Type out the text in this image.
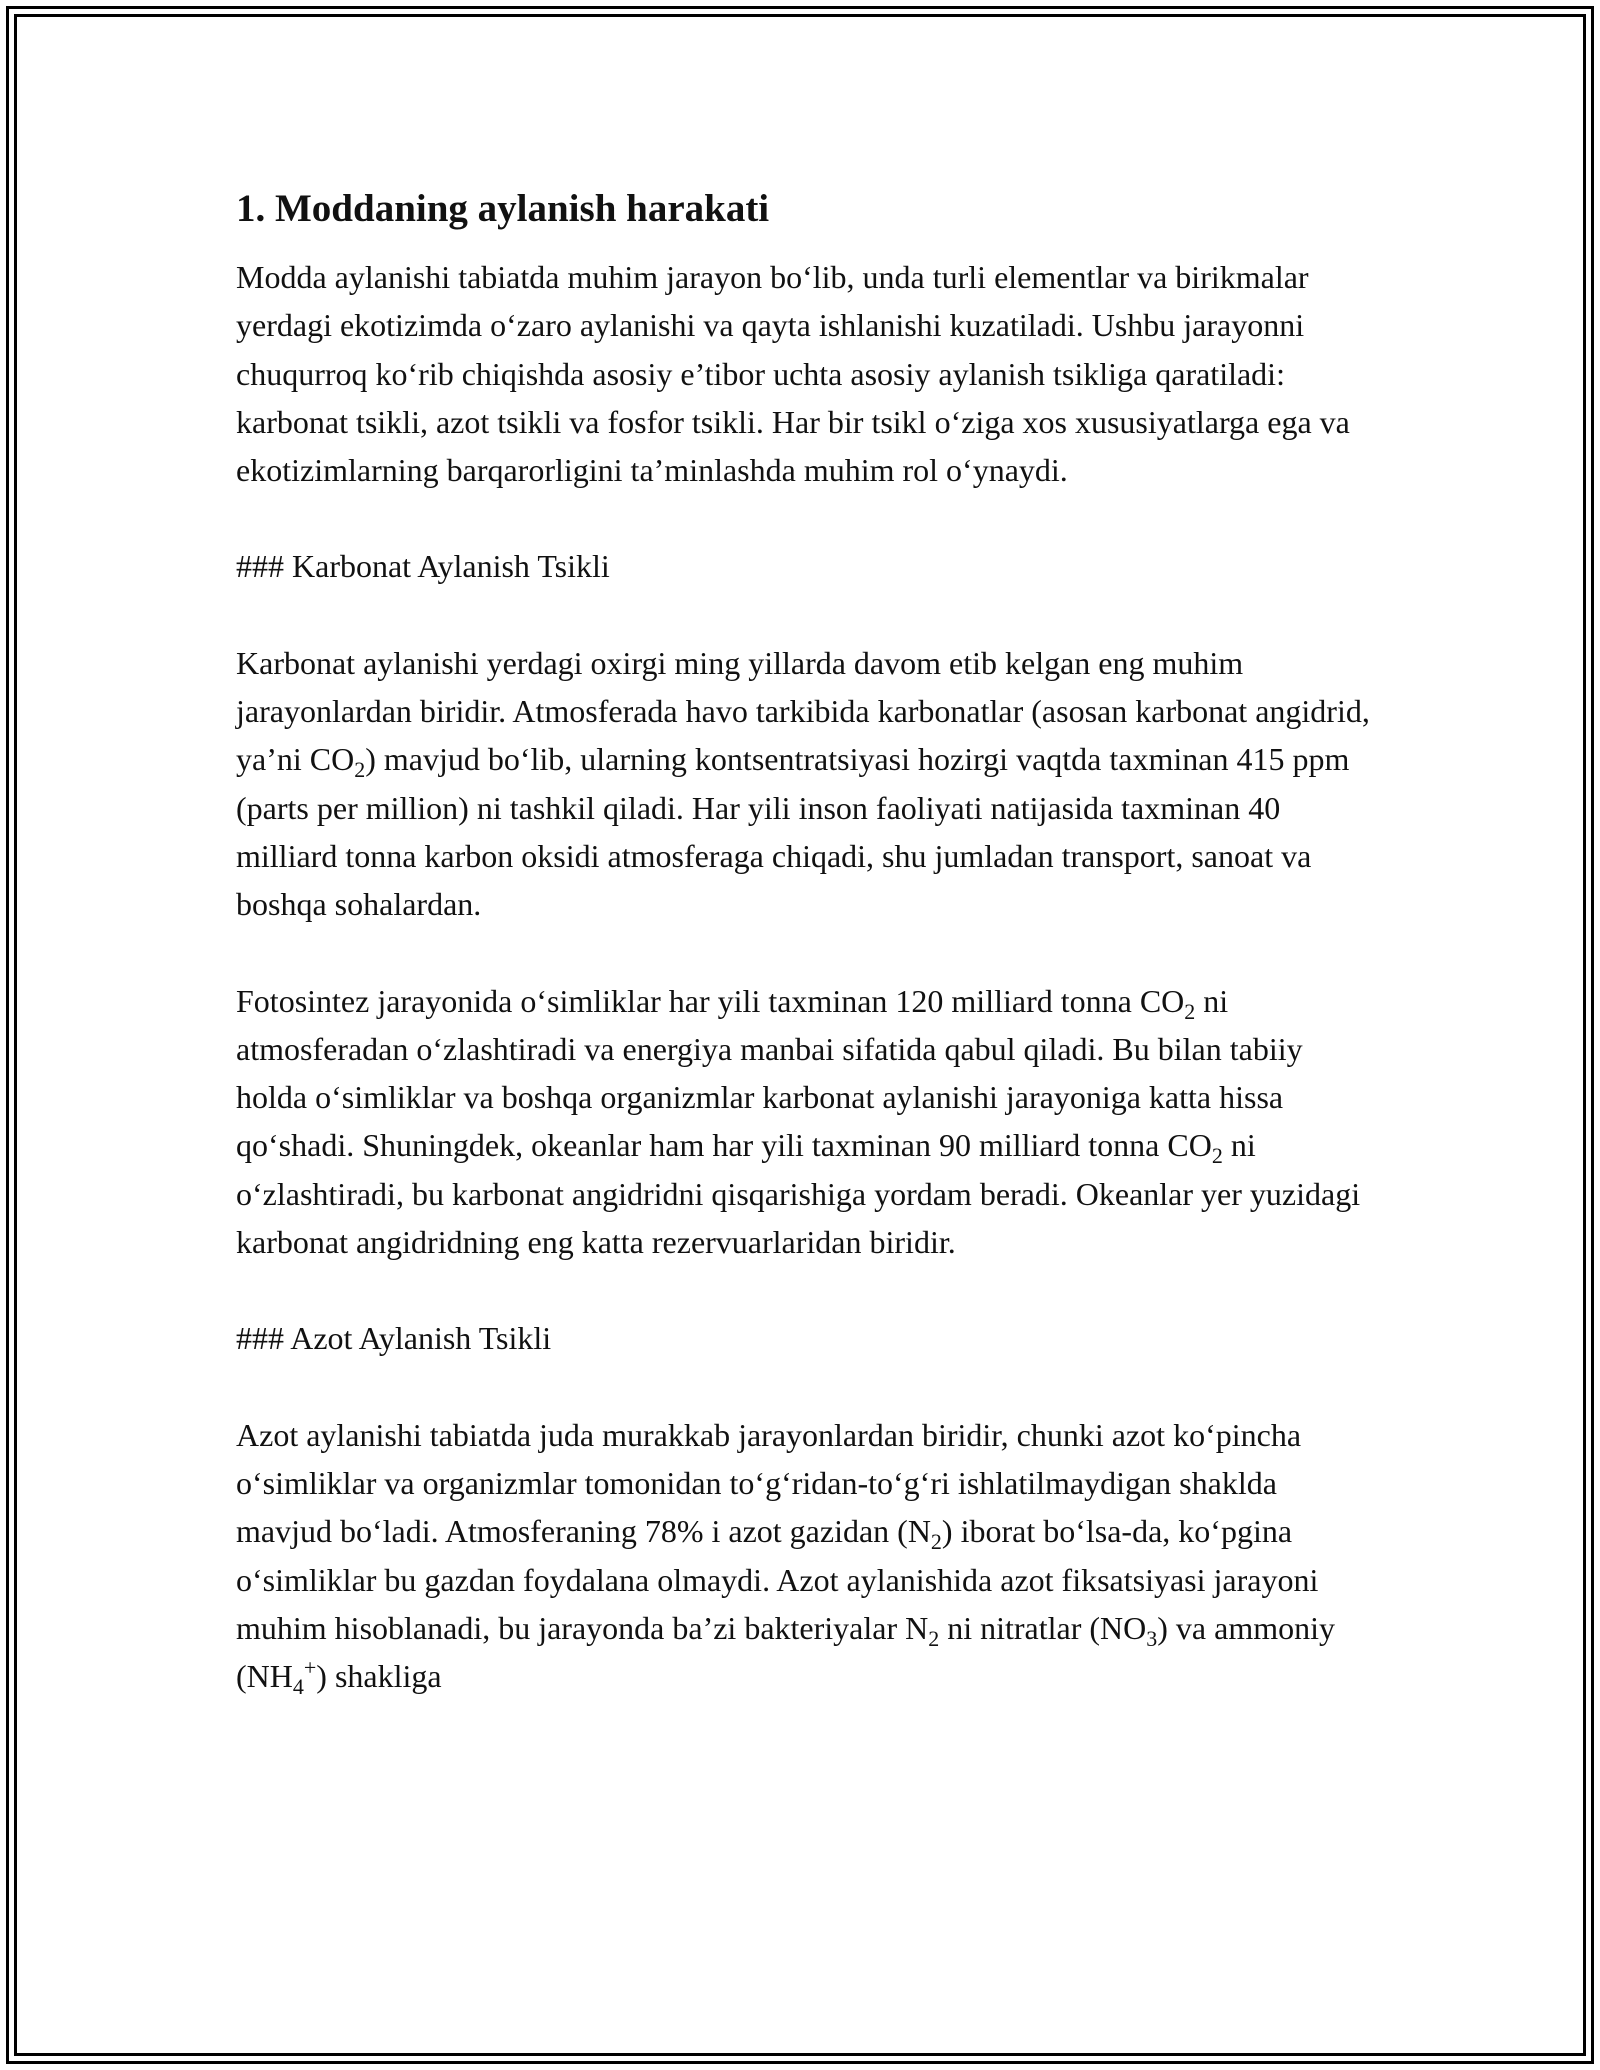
1. Moddaning aylanish harakati

Modda aylanishi tabiatda muhim jarayon bo‘lib, unda turli elementlar va birikmalar yerdagi ekotizimda o‘zaro aylanishi va qayta ishlanishi kuzatiladi. Ushbu jarayonni chuqurroq ko‘rib chiqishda asosiy e’tibor uchta asosiy aylanish tsikliga qaratiladi: karbonat tsikli, azot tsikli va fosfor tsikli. Har bir tsikl o‘ziga xos xususiyatlarga ega va ekotizimlarning barqarorligini ta’minlashda muhim rol o‘ynaydi.

### Karbonat Aylanish Tsikli

Karbonat aylanishi yerdagi oxirgi ming yillarda davom etib kelgan eng muhim jarayonlardan biridir. Atmosferada havo tarkibida karbonatlar (asosan karbonat angidrid, ya’ni $CO_2$) mavjud bo‘lib, ularning kontsentratsiyasi hozirgi vaqtda taxminan 415 ppm (parts per million) ni tashkil qiladi. Har yili inson faoliyati natijasida taxminan 40 milliard tonna karbon oksidi atmosferaga chiqadi, shu jumladan transport, sanoat va boshqa sohalardan.

Fotosintez jarayonida o‘simliklar har yili taxminan 120 milliard tonna $CO_2$ ni atmosferadan o‘zlashtiradi va energiya manbai sifatida qabul qiladi. Bu bilan tabiiy holda o‘simliklar va boshqa organizmlar karbonat aylanishi jarayoniga katta hissa qo‘shadi. Shuningdek, okeanlar ham har yili taxminan 90 milliard tonna $CO_2$ ni o‘zlashtiradi, bu karbonat angidridni qisqarishiga yordam beradi. Okeanlar yer yuzidagi karbonat angidridning eng katta rezervuarlaridan biridir.

### Azot Aylanish Tsikli

Azot aylanishi tabiatda juda murakkab jarayonlardan biridir, chunki azot ko‘pincha o‘simliklar va organizmlar tomonidan to‘g‘ridan-to‘g‘ri ishlatilmaydigan shaklda mavjud bo‘ladi. Atmosferaning 78% i azot gazidan $(N_2)$ iborat bo‘lsa-da, ko‘pgina o‘simliklar bu gazdan foydalana olmaydi. Azot aylanishida azot fiksatsiyasi jarayoni muhim hisoblanadi, bu jarayonda ba’zi bakteriyalar $N_2$ ni nitratlar $(NO_3)$ va ammoniy $(NH_4^+)$ shakliga
